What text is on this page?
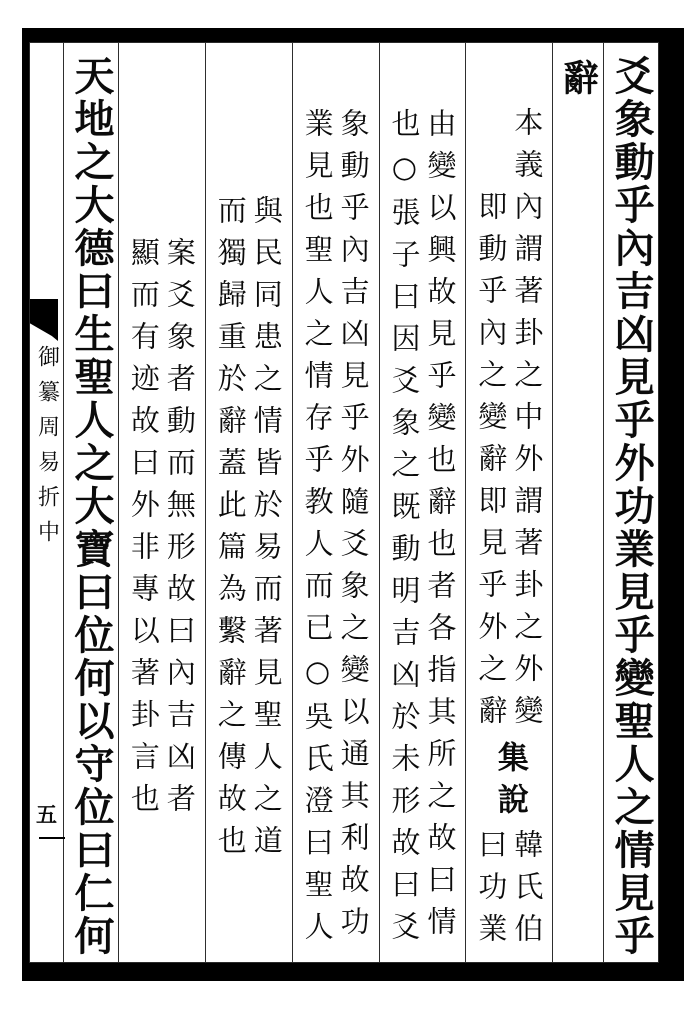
爻象動乎內吉凶見乎外功業見乎變聖人之情見乎
辭
本義內謂著卦之中外謂著卦之外變
即動乎內之變辭即見乎外之辭
集說
韓氏伯
曰功業
由變以興故見乎變也辭也者各指其所之故曰情
也○張子曰因爻象之既動明吉凶於未形故曰爻
象動乎內吉凶見乎外隨爻象之變以通其利故功
業見也聖人之情存乎教人而已○吳氏澄曰聖人
與民同患之情皆於易而著見聖人之道
而獨歸重於辭蓋此篇為繫辭之傳故也
案爻象者動而無形故曰內吉凶者
顯而有迹故曰外非專以著卦言也
天地之大德曰生聖人之大寶曰位何以守位曰仁何
御纂周易折中
五
